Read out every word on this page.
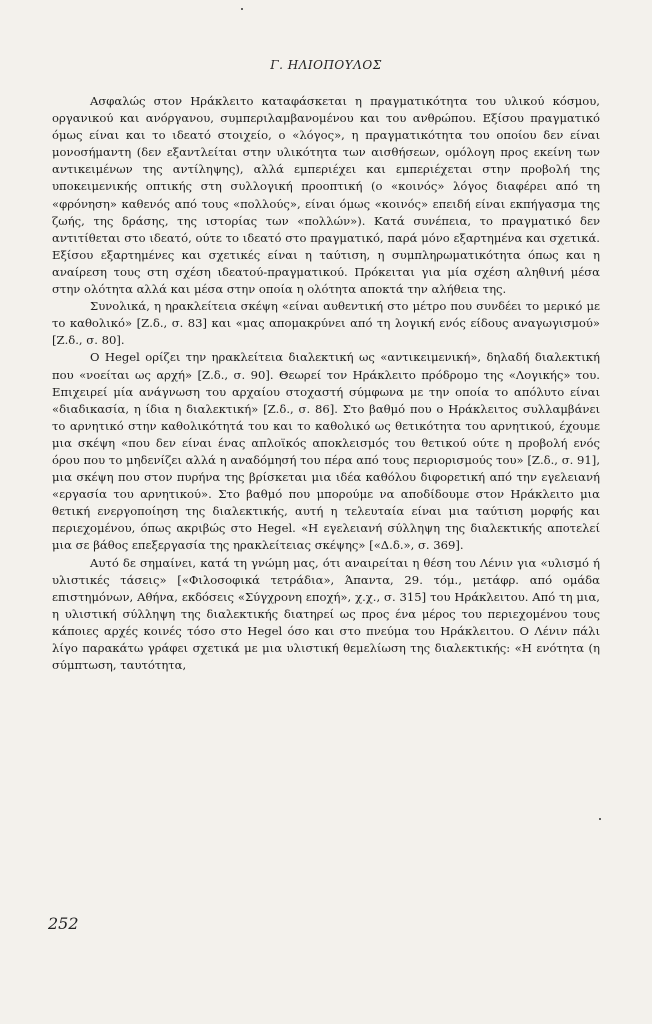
Γ. ΗΛΙΟΠΟΥΛΟΣ

Ασφαλώς στον Ηράκλειτο καταφάσκεται η πραγματικότητα του υλικού κόσμου, οργανικού και ανόργανου, συμπεριλαμβανομένου και του ανθρώπου. Εξίσου πραγματικό όμως είναι και το ιδεατό στοιχείο, ο «λόγος», η πραγματικότητα του οποίου δεν είναι μονοσήμαντη (δεν εξαντλείται στην υλικότητα των αισθήσεων, ομόλογη προς εκείνη των αντικειμένων της αντίληψης), αλλά εμπεριέχει και εμπεριέχεται στην προβολή της υποκειμενικής οπτικής στη συλλογική προοπτική (ο «κοινός» λόγος διαφέρει από τη «φρόνηση» καθενός από τους «πολλούς», είναι όμως «κοινός» επειδή είναι εκπήγασμα της ζωής, της δράσης, της ιστορίας των «πολλών»). Κατά συνέπεια, το πραγματικό δεν αντιτίθεται στο ιδεατό, ούτε το ιδεατό στο πραγματικό, παρά μόνο εξαρτημένα και σχετικά. Εξίσου εξαρτημένες και σχετικές είναι η ταύτιση, η συμπληρωματικότητα όπως και η αναίρεση τους στη σχέση ιδεατού-πραγματικού. Πρόκειται για μία σχέση αληθινή μέσα στην ολότητα αλλά και μέσα στην οποία η ολότητα αποκτά την αλήθεια της.

Συνολικά, η ηρακλείτεια σκέψη «είναι αυθεντική στο μέτρο που συνδέει το μερικό με το καθολικό» [Ζ.δ., σ. 83] και «μας απομακρύνει από τη λογική ενός είδους αναγωγισμού» [Ζ.δ., σ. 80].

Ο Hegel ορίζει την ηρακλείτεια διαλεκτική ως «αντικειμενική», δηλαδή διαλεκτική που «νοείται ως αρχή» [Ζ.δ., σ. 90]. Θεωρεί τον Ηράκλειτο πρόδρομο της «Λογικής» του. Επιχειρεί μία ανάγνωση του αρχαίου στοχαστή σύμφωνα με την οποία το απόλυτο είναι «διαδικασία, η ίδια η διαλεκτική» [Ζ.δ., σ. 86]. Στο βαθμό που ο Ηράκλειτος συλλαμβάνει το αρνητικό στην καθολικότητά του και το καθολικό ως θετικότητα του αρνητικού, έχουμε μια σκέψη «που δεν είναι ένας απλοϊκός αποκλεισμός του θετικού ούτε η προβολή ενός όρου που το μηδενίζει αλλά η αναδόμησή του πέρα από τους περιορισμούς του» [Ζ.δ., σ. 91], μια σκέψη που στον πυρήνα της βρίσκεται μια ιδέα καθόλου διφορετική από την εγελειανή «εργασία του αρνητικού». Στο βαθμό που μπορούμε να αποδίδουμε στον Ηράκλειτο μια θετική ενεργοποίηση της διαλεκτικής, αυτή η τελευταία είναι μια ταύτιση μορφής και περιεχομένου, όπως ακριβώς στο Hegel. «Η εγελειανή σύλληψη της διαλεκτικής αποτελεί μια σε βάθος επεξεργασία της ηρακλείτειας σκέψης» [«Δ.δ.», σ. 369].

Αυτό δε σημαίνει, κατά τη γνώμη μας, ότι αναιρείται η θέση του Λένιν για «υλισμό ή υλιστικές τάσεις» [«Φιλοσοφικά τετράδια», Άπαντα, 29. τόμ., μετάφρ. από ομάδα επιστημόνων, Αθήνα, εκδόσεις «Σύγχρονη εποχή», χ.χ., σ. 315] του Ηράκλειτου. Από τη μια, η υλιστική σύλληψη της διαλεκτικής διατηρεί ως προς ένα μέρος του περιεχομένου τους κάποιες αρχές κοινές τόσο στο Hegel όσο και στο πνεύμα του Ηράκλειτου. Ο Λένιν πάλι λίγο παρακάτω γράφει σχετικά με μια υλιστική θεμελίωση της διαλεκτικής: «Η ενότητα (η σύμπτωση, ταυτότητα,

252
